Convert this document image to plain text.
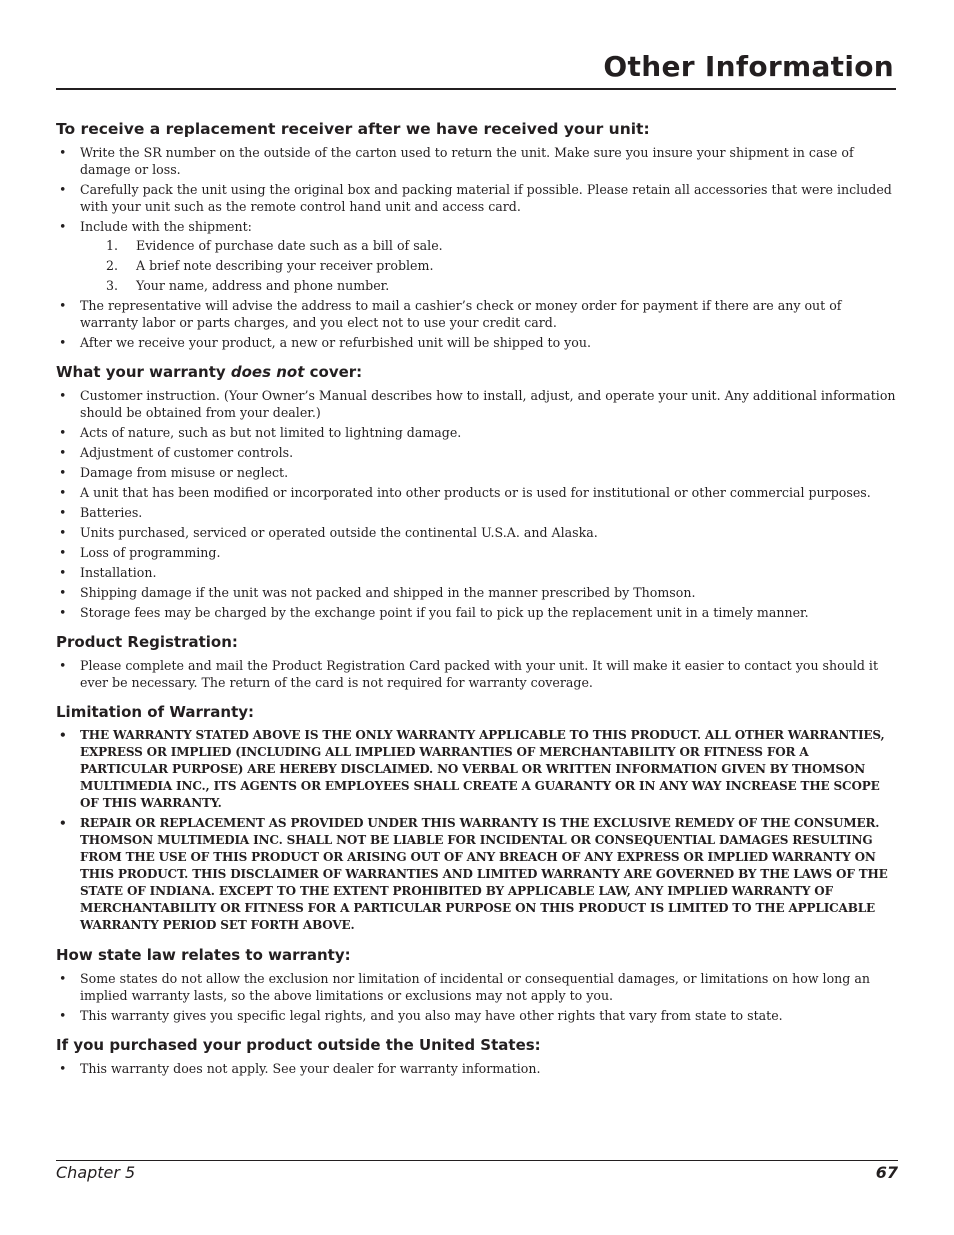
Other Information
To receive a replacement receiver after we have received your unit:
• Write the SR number on the outside of the carton used to return the unit. Make sure you insure your shipment in case of damage or loss.
• Carefully pack the unit using the original box and packing material if possible. Please retain all accessories that were included with your unit such as the remote control hand unit and access card.
• Include with the shipment:
1. Evidence of purchase date such as a bill of sale.
2. A brief note describing your receiver problem.
3. Your name, address and phone number.
• The representative will advise the address to mail a cashier’s check or money order for payment if there are any out of warranty labor or parts charges, and you elect not to use your credit card.
• After we receive your product, a new or refurbished unit will be shipped to you.
What your warranty does not cover:
• Customer instruction. (Your Owner’s Manual describes how to install, adjust, and operate your unit. Any additional information should be obtained from your dealer.)
• Acts of nature, such as but not limited to lightning damage.
• Adjustment of customer controls.
• Damage from misuse or neglect.
• A unit that has been modified or incorporated into other products or is used for institutional or other commercial purposes.
• Batteries.
• Units purchased, serviced or operated outside the continental U.S.A. and Alaska.
• Loss of programming.
• Installation.
• Shipping damage if the unit was not packed and shipped in the manner prescribed by Thomson.
• Storage fees may be charged by the exchange point if you fail to pick up the replacement unit in a timely manner.
Product Registration:
• Please complete and mail the Product Registration Card packed with your unit. It will make it easier to contact you should it ever be necessary. The return of the card is not required for warranty coverage.
Limitation of Warranty:
• THE WARRANTY STATED ABOVE IS THE ONLY WARRANTY APPLICABLE TO THIS PRODUCT. ALL OTHER WARRANTIES, EXPRESS OR IMPLIED (INCLUDING ALL IMPLIED WARRANTIES OF MERCHANTABILITY OR FITNESS FOR A PARTICULAR PURPOSE) ARE HEREBY DISCLAIMED. NO VERBAL OR WRITTEN INFORMATION GIVEN BY THOMSON MULTIMEDIA INC., ITS AGENTS OR EMPLOYEES SHALL CREATE A GUARANTY OR IN ANY WAY INCREASE THE SCOPE OF THIS WARRANTY.
• REPAIR OR REPLACEMENT AS PROVIDED UNDER THIS WARRANTY IS THE EXCLUSIVE REMEDY OF THE CONSUMER. THOMSON MULTIMEDIA INC. SHALL NOT BE LIABLE FOR INCIDENTAL OR CONSEQUENTIAL DAMAGES RESULTING FROM THE USE OF THIS PRODUCT OR ARISING OUT OF ANY BREACH OF ANY EXPRESS OR IMPLIED WARRANTY ON THIS PRODUCT. THIS DISCLAIMER OF WARRANTIES AND LIMITED WARRANTY ARE GOVERNED BY THE LAWS OF THE STATE OF INDIANA. EXCEPT TO THE EXTENT PROHIBITED BY APPLICABLE LAW, ANY IMPLIED WARRANTY OF MERCHANTABILITY OR FITNESS FOR A PARTICULAR PURPOSE ON THIS PRODUCT IS LIMITED TO THE APPLICABLE WARRANTY PERIOD SET FORTH ABOVE.
How state law relates to warranty:
• Some states do not allow the exclusion nor limitation of incidental or consequential damages, or limitations on how long an implied warranty lasts, so the above limitations or exclusions may not apply to you.
• This warranty gives you specific legal rights, and you also may have other rights that vary from state to state.
If you purchased your product outside the United States:
• This warranty does not apply. See your dealer for warranty information.
Chapter 5	67
